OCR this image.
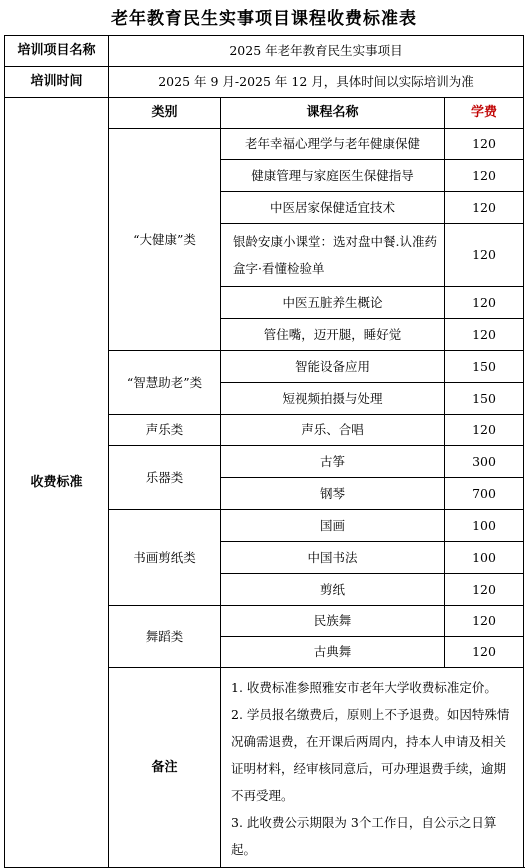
老年教育民生实事项目课程收费标准表
培训项目名称	2025 年老年教育民生实事项目		
培训时间	2025 年 9 月-2025 年 12 月，具体时间以实际培训为准		
收费标准	类别	课程名称	学费
	“大健康”类	老年幸福心理学与老年健康保健	120
		健康管理与家庭医生保健指导	120
		中医居家保健适宜技术	120
		银龄安康小课堂：选对盘中餐.认准药盒字·看懂检验单	120
		中医五脏养生概论	120
		管住嘴，迈开腿，睡好觉	120
	“智慧助老”类	智能设备应用	150
		短视频拍摄与处理	150
	声乐类	声乐、合唱	120
	乐器类	古筝	300
		钢琴	700
	书画剪纸类	国画	100
		中国书法	100
		剪纸	120
	舞蹈类	民族舞	120
		古典舞	120
	备注	1. 收费标准参照雅安市老年大学收费标准定价。

2. 学员报名缴费后，原则上不予退费。如因特殊情况确需退费，在开课后两周内，持本人申请及相关证明材料，经审核同意后，可办理退费手续，逾期不再受理。

3. 此收费公示期限为 3个工作日，自公示之日算起。	
